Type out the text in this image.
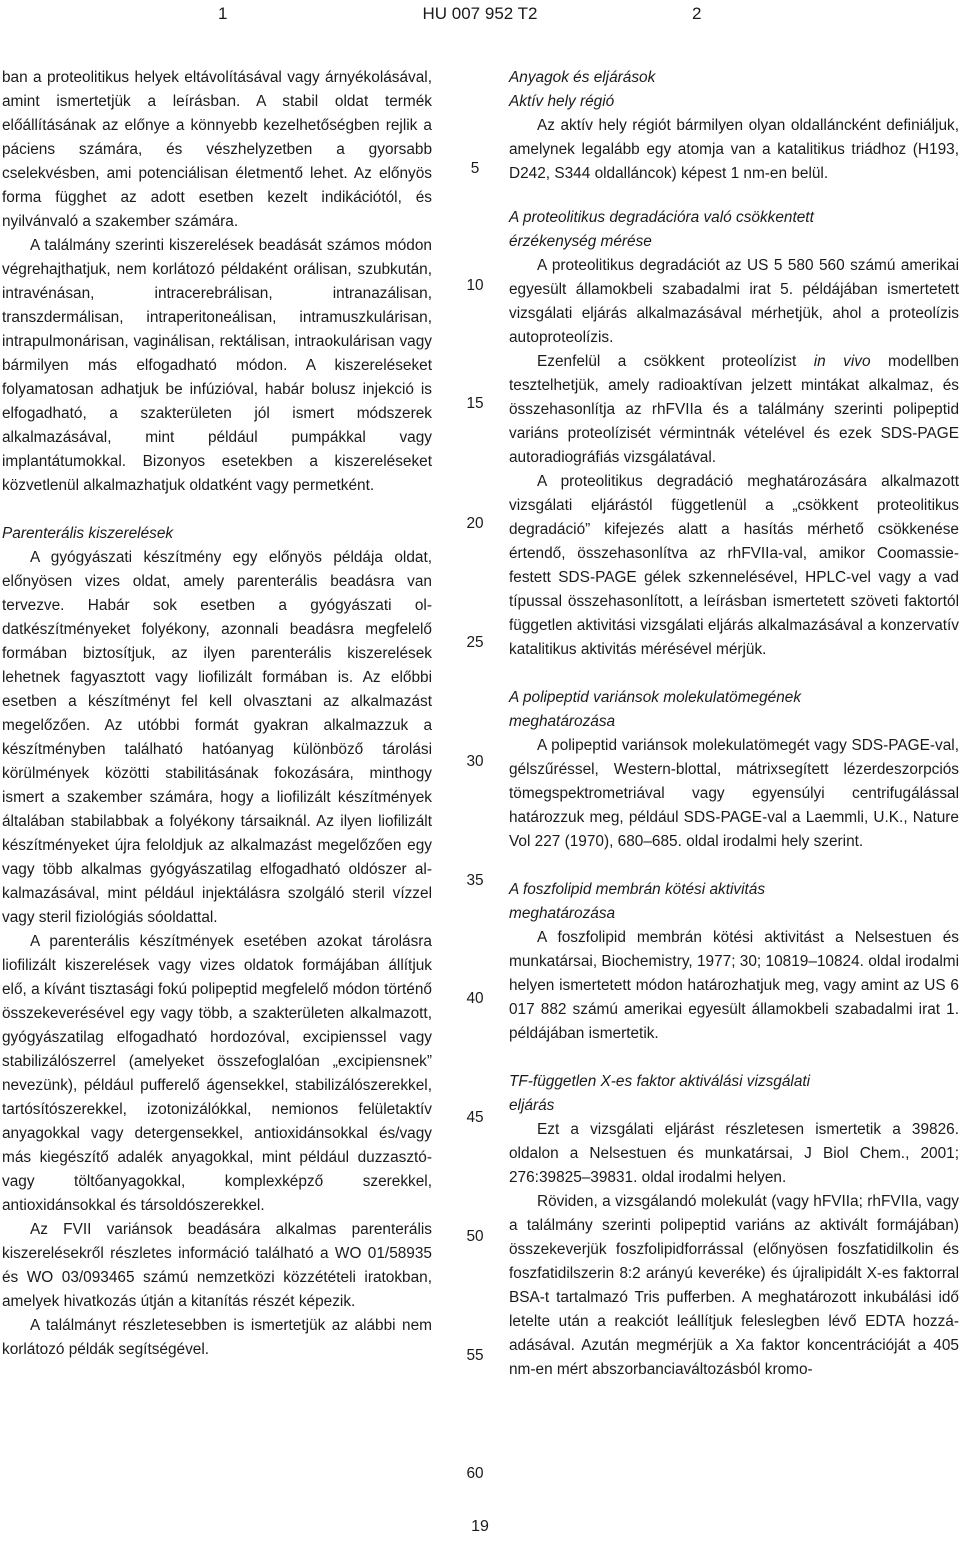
1	HU 007 952 T2	2

ban a proteolitikus helyek eltávolításával vagy árnyékolásával, amint ismertetjük a leírásban. A stabil oldat termék előállításának az előnye a könnyebb kezelhetőségben rejlik a páciens számára, és vészhelyzetben a gyorsabb cselekvésben, ami potenciálisan életmentő lehet. Az előnyös forma függhet az adott esetben kezelt indikációtól, és nyilvánvaló a szakember számára.

A találmány szerinti kiszerelések beadását számos módon végrehajthatjuk, nem korlátozó példaként orálisan, szubkután, intravénásan, intracerebrálisan, intranazálisan, transzdermálisan, intraperitoneálisan, intramuszkulárisan, intrapulmonárisan, vaginálisan, rektálisan, intraokulárisan vagy bármilyen más elfogadható módon. A kiszereléseket folyamatosan adhatjuk be infúzióval, habár bolusz injekció is elfogadható, a szakterületen jól ismert módszerek alkalmazásával, mint például pumpákkal vagy implantátumokkal. Bizonyos esetekben a kiszereléseket közvetlenül alkalmazhatjuk oldatként vagy permetként.

Parenterális kiszerelések

A gyógyászati készítmény egy előnyös példája oldat, előnyösen vizes oldat, amely parenterális beadásra van tervezve. Habár sok esetben a gyógyászati oldatkészítményeket folyékony, azonnali beadásra megfelelő formában biztosítjuk, az ilyen parenterális kiszerelések lehetnek fagyasztott vagy liofilizált formában is. Az előbbi esetben a készítményt fel kell olvasztani az alkalmazást megelőzően. Az utóbbi formát gyakran alkalmazzuk a készítményben található hatóanyag különböző tárolási körülmények közötti stabilitásának fokozására, minthogy ismert a szakember számára, hogy a liofilizált készítmények általában stabilabbak a folyékony társaiknál. Az ilyen liofilizált készítményeket újra feloldjuk az alkalmazást megelőzően egy vagy több alkalmas gyógyászatilag elfogadható oldószer alkalmazásával, mint például injektálásra szolgáló steril vízzel vagy steril fiziológiás sóoldattal.

A parenterális készítmények esetében azokat tárolásra liofilizált kiszerelések vagy vizes oldatok formájában állítjuk elő, a kívánt tisztasági fokú polipeptid megfelelő módon történő összekeverésével egy vagy több, a szakterületen alkalmazott, gyógyászatilag elfogadható hordozóval, excipienssel vagy stabilizálószerrel (amelyeket összefoglalóan „excipiensnek” nevezünk), például pufferelő ágensekkel, stabilizálószerekkel, tartósítószerekkel, izotonizálókkal, nemionos felületaktív anyagokkal vagy detergensekkel, antioxidánsokkal és/vagy más kiegészítő adalék anyagokkal, mint például duzzasztó- vagy töltőanyagokkal, komplexképző szerekkel, antioxidánsokkal és társoldószerekkel.

Az FVII variánsok beadására alkalmas parenterális kiszerelésekről részletes információ található a WO 01/58935 és WO 03/093465 számú nemzetközi közzétételi iratokban, amelyek hivatkozás útján a kitanítás részét képezik.

A találmányt részletesebben is ismertetjük az alábbi nem korlátozó példák segítségével.

5
10
15
20
25
30
35
40
45
50
55
60
Anyagok és eljárások
Aktív hely régió

Az aktív hely régiót bármilyen olyan oldalláncként definiáljuk, amelynek legalább egy atomja van a katalitikus triádhoz (H193, D242, S344 oldalláncok) képest 1 nm-en belül.

A proteolitikus degradációra való csökkentett
érzékenység mérése

A proteolitikus degradációt az US 5 580 560 számú amerikai egyesült államokbeli szabadalmi irat 5. példájában ismertetett vizsgálati eljárás alkalmazásával mérhetjük, ahol a proteolízis autoproteolízis.

Ezenfelül a csökkent proteolízist in vivo modellben tesztelhetjük, amely radioaktívan jelzett mintákat alkalmaz, és összehasonlítja az rhFVIIa és a találmány szerinti polipeptid variáns proteolízisét vérmintnák vételével és ezek SDS-PAGE autoradiográfiás vizsgálatával.

A proteolitikus degradáció meghatározására alkalmazott vizsgálati eljárástól függetlenül a „csökkent proteolitikus degradáció” kifejezés alatt a hasítás mérhető csökkenése értendő, összehasonlítva az rhFVIIa-val, amikor Coomassie-festett SDS-PAGE gélek szkennelésével, HPLC-vel vagy a vad típussal összehasonlított, a leírásban ismertetett szöveti faktortól független aktivitási vizsgálati eljárás alkalmazásával a konzervatív katalitikus aktivitás mérésével mérjük.

A polipeptid variánsok molekulatömegének
meghatározása

A polipeptid variánsok molekulatömegét vagy SDS-PAGE-val, gélszűréssel, Western-blottal, mátrixsegített lézerdeszorpciós tömegspektrometriával vagy egyensúlyi centrifugálással határozzuk meg, például SDS-PAGE-val a Laemmli, U.K., Nature Vol 227 (1970), 680–685. oldal irodalmi hely szerint.

A foszfolipid membrán kötési aktivitás
meghatározása

A foszfolipid membrán kötési aktivitást a Nelsestuen és munkatársai, Biochemistry, 1977; 30; 10819–10824. oldal irodalmi helyen ismertetett módon határozhatjuk meg, vagy amint az US 6 017 882 számú amerikai egyesült államokbeli szabadalmi irat 1. példájában ismertetik.

TF-független X-es faktor aktiválási vizsgálati
eljárás

Ezt a vizsgálati eljárást részletesen ismertetik a 39826. oldalon a Nelsestuen és munkatársai, J Biol Chem., 2001; 276:39825–39831. oldal irodalmi helyen.

Röviden, a vizsgálandó molekulát (vagy hFVIIa; rhFVIIa, vagy a találmány szerinti polipeptid variáns az aktivált formájában) összekeverjük foszfolipidforrással (előnyösen foszfatidilkolin és foszfatidilszerin 8:2 arányú keveréke) és újralipidált X-es faktorral BSA-t tartalmazó Tris pufferben. A meghatározott inkubálási idő letelte után a reakciót leállítjuk feleslegben lévő EDTA hozzáadásával. Azután megmérjük a Xa faktor koncentrációját a 405 nm-en mért abszorbanciaváltozásból kromo-

19
